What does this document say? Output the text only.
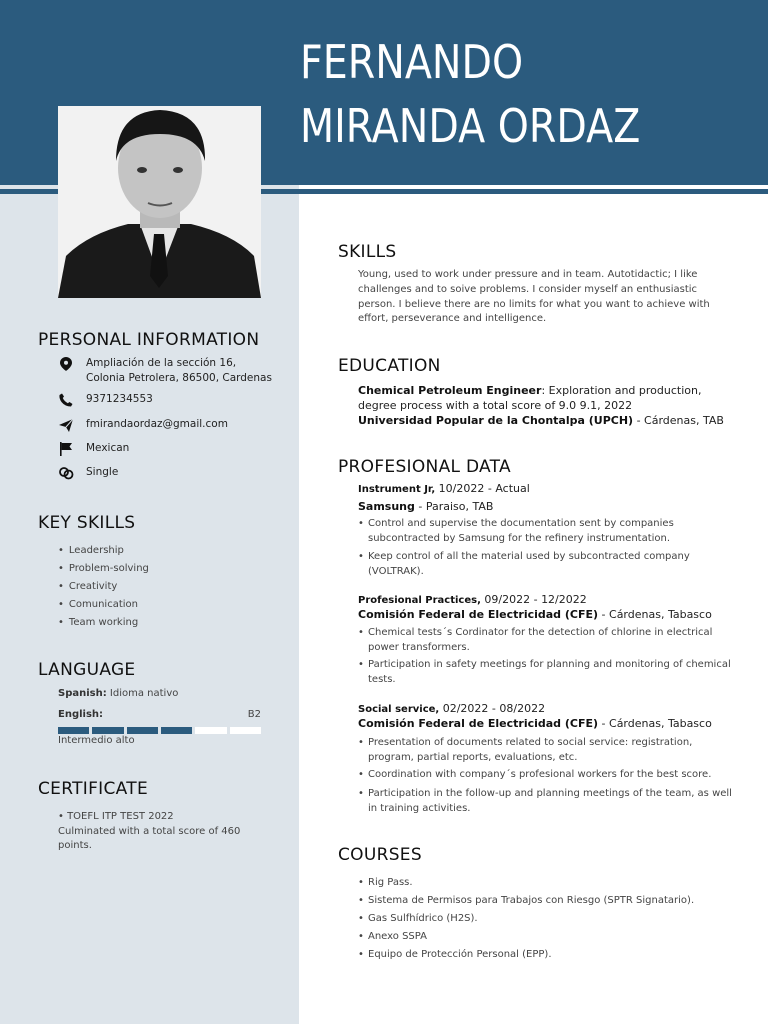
FERNANDO MIRANDA ORDAZ
PERSONAL INFORMATION
Ampliación de la sección 16,
Colonia Petrolera, 86500, Cardenas
9371234553
fmirandaordaz@gmail.com
Mexican
Single
KEY SKILLS
• Leadership
• Problem-solving
• Creativity
• Comunication
• Team working
LANGUAGE
Spanish: Idioma nativo
English:	B2
Intermedio alto
CERTIFICATE
• TOEFL ITP TEST 2022
Culminated with a total score of 460 points.
SKILLS
Young, used to work under pressure and in team. Autotidactic; I like challenges and to soive problems. I consider myself an enthusiastic person. I believe there are no limits for what you want to achieve with effort, perseverance and intelligence.
EDUCATION
Chemical Petroleum Engineer: Exploration and production, degree process with a total score of 9.0 9.1, 2022
Universidad Popular de la Chontalpa (UPCH) - Cárdenas, TAB
PROFESIONAL DATA
Instrument Jr, 10/2022 - Actual
Samsung - Paraiso, TAB
• Control and supervise the documentation sent by companies subcontracted by Samsung for the refinery instrumentation.
• Keep control of all the material used by subcontracted company (VOLTRAK).
Profesional Practices, 09/2022 - 12/2022
Comisión Federal de Electricidad (CFE) - Cárdenas, Tabasco
• Chemical tests´s Cordinator for the detection of chlorine in electrical power transformers.
• Participation in safety meetings for planning and monitoring of chemical tests.
Social service, 02/2022 - 08/2022
Comisión Federal de Electricidad (CFE) - Cárdenas, Tabasco
• Presentation of documents related to social service: registration, program, partial reports, evaluations, etc.
• Coordination with company´s profesional workers for the best score.
• Participation in the follow-up and planning meetings of the team, as well in training activities.
COURSES
• Rig Pass.
• Sistema de Permisos para Trabajos con Riesgo (SPTR Signatario).
• Gas Sulfhídrico (H2S).
• Anexo SSPA
• Equipo de Protección Personal (EPP).
